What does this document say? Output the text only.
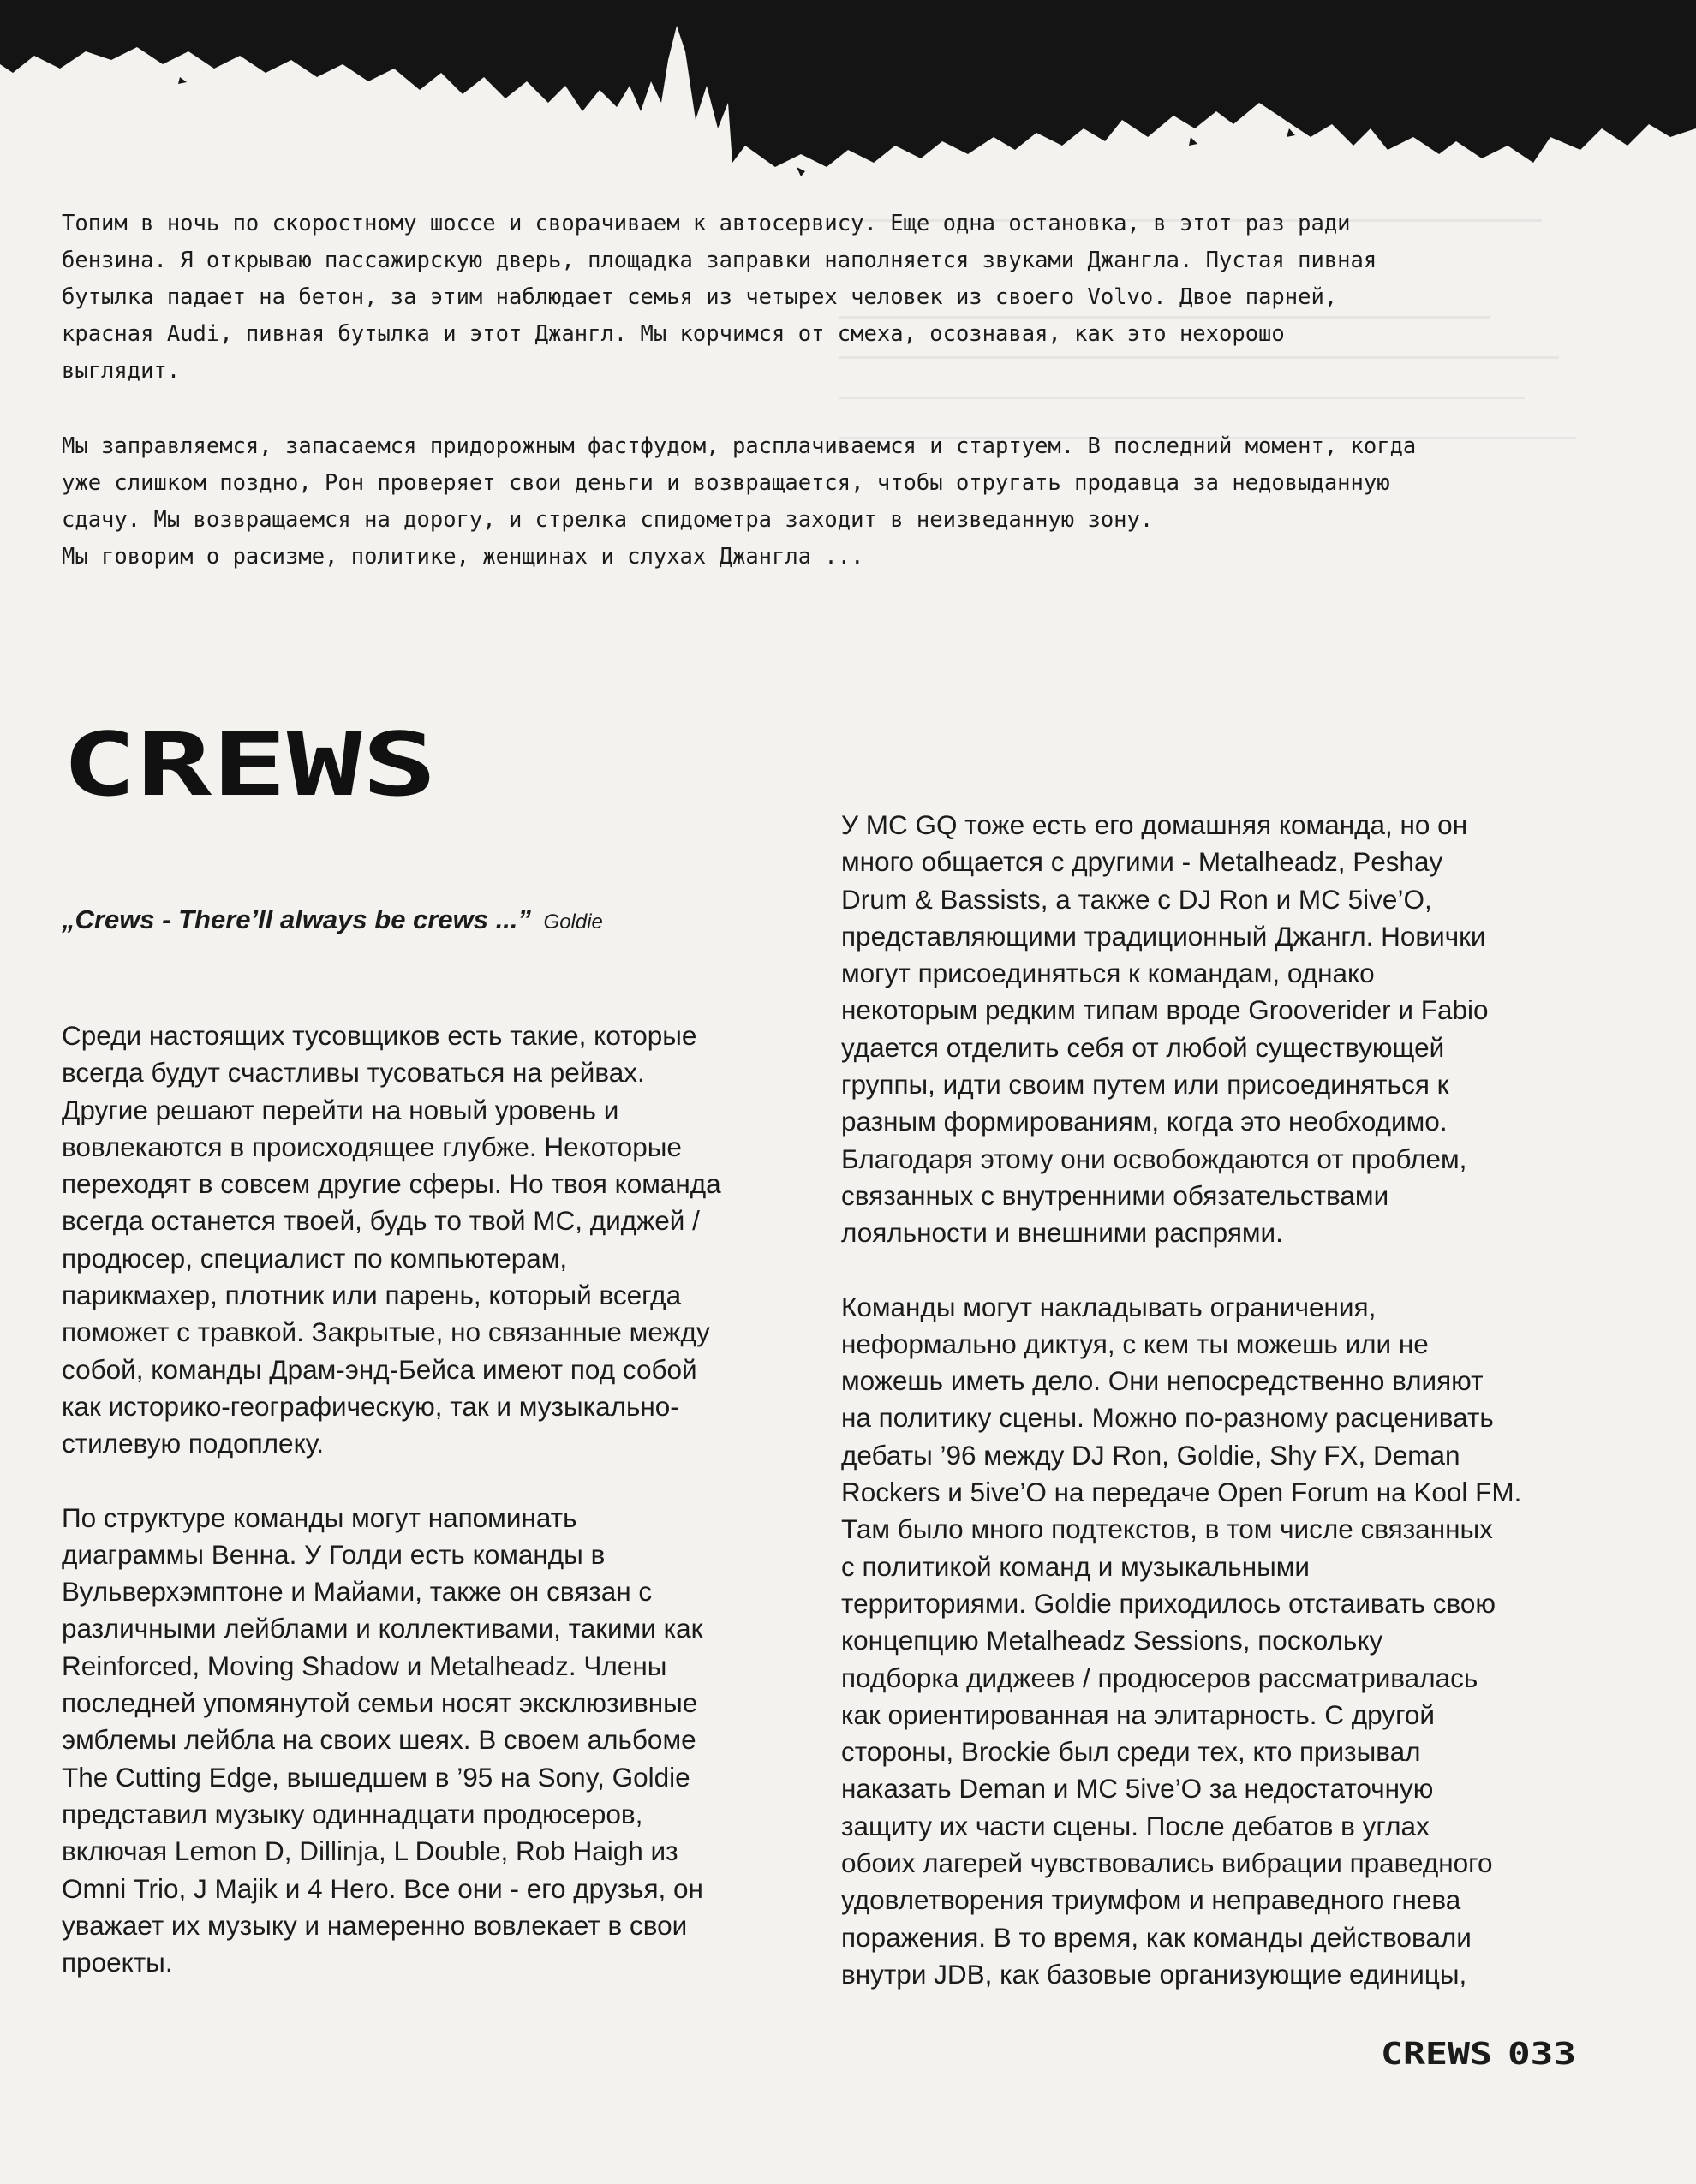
Топим в ночь по скоростному шоссе и сворачиваем к автосервису. Еще одна остановка, в этот раз ради
бензина. Я открываю пассажирскую дверь, площадка заправки наполняется звуками Джангла. Пустая пивная
бутылка падает на бетон, за этим наблюдает семья из четырех человек из своего Volvo. Двое парней,
красная Audi, пивная бутылка и этот Джангл. Мы корчимся от смеха, осознавая, как это нехорошо
выглядит.
Мы заправляемся, запасаемся придорожным фастфудом, расплачиваемся и стартуем. В последний момент, когда
уже слишком поздно, Рон проверяет свои деньги и возвращается, чтобы отругать продавца за недовыданную
сдачу. Мы возвращаемся на дорогу, и стрелка спидометра заходит в неизведанную зону.
Мы говорим о расизме, политике, женщинах и слухах Джангла ...
CREWS
„Crews - There’ll always be crews ...” Goldie

Среди настоящих тусовщиков есть такие, которые
всегда будут счастливы тусоваться на рейвах.
Другие решают перейти на новый уровень и
вовлекаются в происходящее глубже. Некоторые
переходят в совсем другие сферы. Но твоя команда
всегда останется твоей, будь то твой MC, диджей /
продюсер, специалист по компьютерам,
парикмахер, плотник или парень, который всегда
поможет с травкой. Закрытые, но связанные между
собой, команды Драм-энд-Бейса имеют под собой
как историко-географическую, так и музыкально-
стилевую подоплеку.

По структуре команды могут напоминать
диаграммы Венна. У Голди есть команды в
Вульверхэмптоне и Майами, также он связан с
различными лейблами и коллективами, такими как
Reinforced, Moving Shadow и Metalheadz. Члены
последней упомянутой семьи носят эксклюзивные
эмблемы лейбла на своих шеях. В своем альбоме
The Cutting Edge, вышедшем в ’95 на Sony, Goldie
представил музыку одиннадцати продюсеров,
включая Lemon D, Dillinja, L Double, Rob Haigh из
Omni Trio, J Majik и 4 Hero. Все они - его друзья, он
уважает их музыку и намеренно вовлекает в свои
проекты.

У MC GQ тоже есть его домашняя команда, но он
много общается с другими - Metalheadz, Peshay
Drum & Bassists, а также с DJ Ron и MC 5ive’O,
представляющими традиционный Джангл. Новички
могут присоединяться к командам, однако
некоторым редким типам вроде Grooverider и Fabio
удается отделить себя от любой существующей
группы, идти своим путем или присоединяться к
разным формированиям, когда это необходимо.
Благодаря этому они освобождаются от проблем,
связанных с внутренними обязательствами
лояльности и внешними распрями.

Команды могут накладывать ограничения,
неформально диктуя, с кем ты можешь или не
можешь иметь дело. Они непосредственно влияют
на политику сцены. Можно по-разному расценивать
дебаты ’96 между DJ Ron, Goldie, Shy FX, Deman
Rockers и 5ive’O на передаче Open Forum на Kool FM.
Там было много подтекстов, в том числе связанных
с политикой команд и музыкальными
территориями. Goldie приходилось отстаивать свою
концепцию Metalheadz Sessions, поскольку
подборка диджеев / продюсеров рассматривалась
как ориентированная на элитарность. С другой
стороны, Brockie был среди тех, кто призывал
наказать Deman и MC 5ive’O за недостаточную
защиту их части сцены. После дебатов в углах
обоих лагерей чувствовались вибрации праведного
удовлетворения триумфом и неправедного гнева
поражения. В то время, как команды действовали
внутри JDB, как базовые организующие единицы,

CREWS 033
